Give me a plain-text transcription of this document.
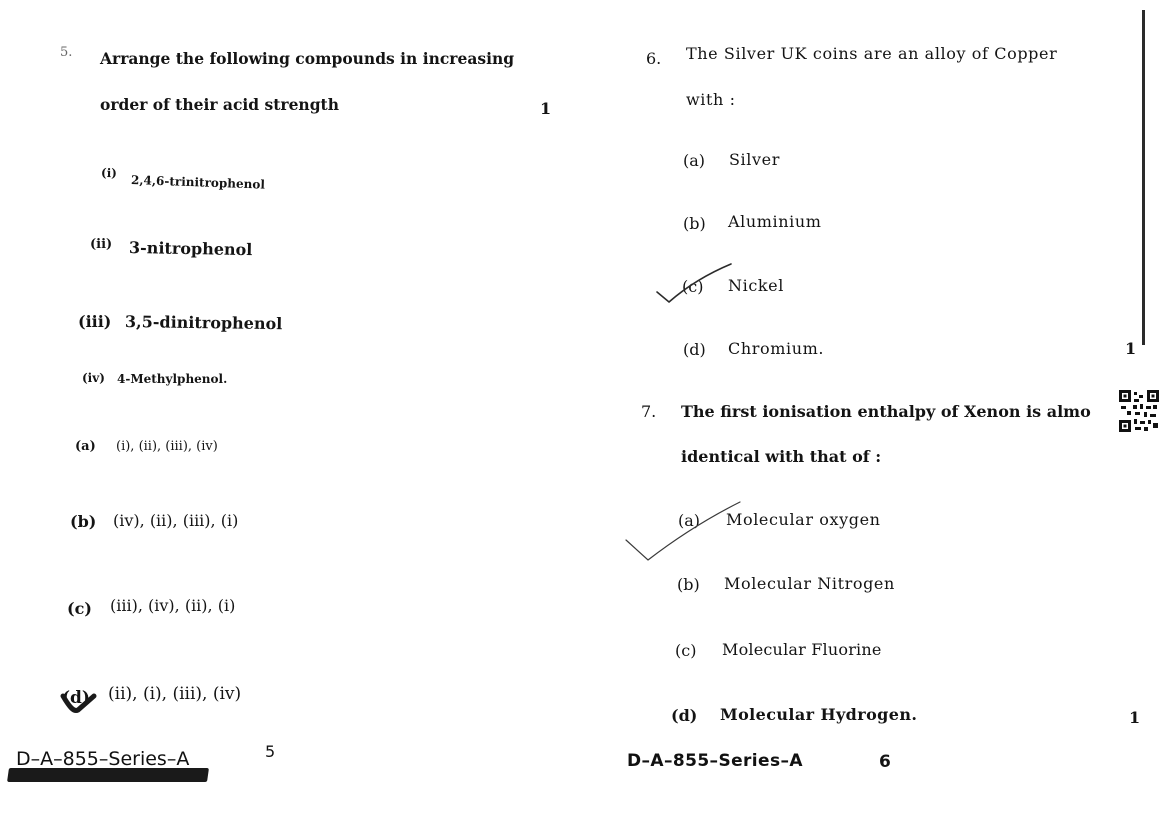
5. Arrange the following compounds in increasing
order of their acid strength	1
(i)
2,4,6-trinitrophenol
(ii) 3-nitrophenol
(iii) 3,5-dinitrophenol
(iv) 4-Methylphenol.
(a) (i), (ii), (iii), (iv)
(b) (iv), (ii), (iii), (i)
(c) (iii), (iv), (ii), (i)
(d) (ii), (i), (iii), (iv)
D–A–855–Series–A	5
6. The Silver UK coins are an alloy of Copper
with :
(a) Silver
(b) Aluminium
(c) Nickel
(d) Chromium.	1
7. The first ionisation enthalpy of Xenon is almo
identical with that of :
(a) Molecular oxygen
(b) Molecular Nitrogen
(c) Molecular Fluorine
(d) Molecular Hydrogen.	1
D–A–855–Series–A	6
